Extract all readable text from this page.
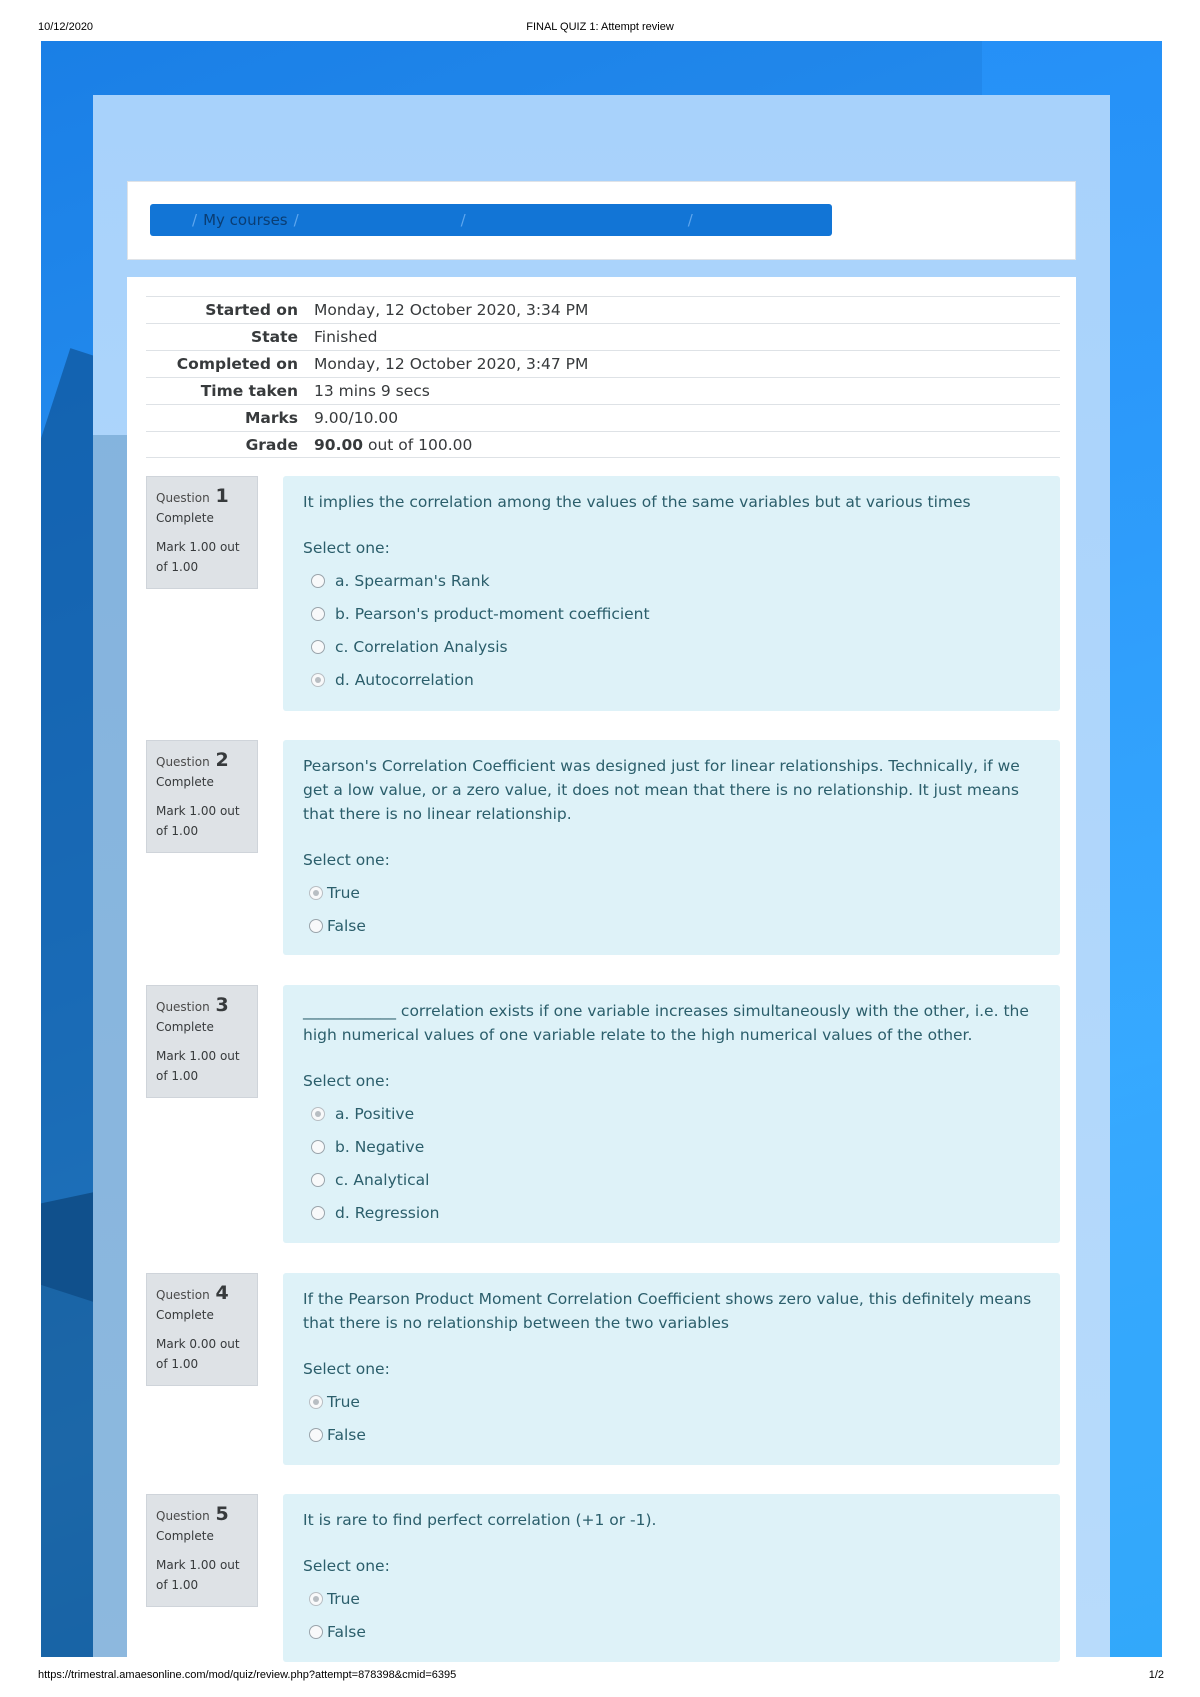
10/12/2020	FINAL QUIZ 1: Attempt review
/ My courses /	/	/
Started on	Monday, 12 October 2020, 3:34 PM
State	Finished
Completed on	Monday, 12 October 2020, 3:47 PM
Time taken	13 mins 9 secs
Marks	9.00/10.00
Grade	90.00 out of 100.00
Question 1
Complete
Mark 1.00 out of 1.00
It implies the correlation among the values of the same variables but at various times
Select one:
a. Spearman's Rank
b. Pearson's product-moment coefficient
c. Correlation Analysis
d. Autocorrelation
Question 2
Complete
Mark 1.00 out of 1.00
Pearson's Correlation Coefficient was designed just for linear relationships. Technically, if we get a low value, or a zero value, it does not mean that there is no relationship. It just means that there is no linear relationship.
Select one:
True
False
Question 3
Complete
Mark 1.00 out of 1.00
____________ correlation exists if one variable increases simultaneously with the other, i.e. the high numerical values of one variable relate to the high numerical values of the other.
Select one:
a. Positive
b. Negative
c. Analytical
d. Regression
Question 4
Complete
Mark 0.00 out of 1.00
If the Pearson Product Moment Correlation Coefficient shows zero value, this definitely means that there is no relationship between the two variables
Select one:
True
False
Question 5
Complete
Mark 1.00 out of 1.00
It is rare to find perfect correlation (+1 or -1).
Select one:
True
False
https://trimestral.amaesonline.com/mod/quiz/review.php?attempt=878398&cmid=6395	1/2
